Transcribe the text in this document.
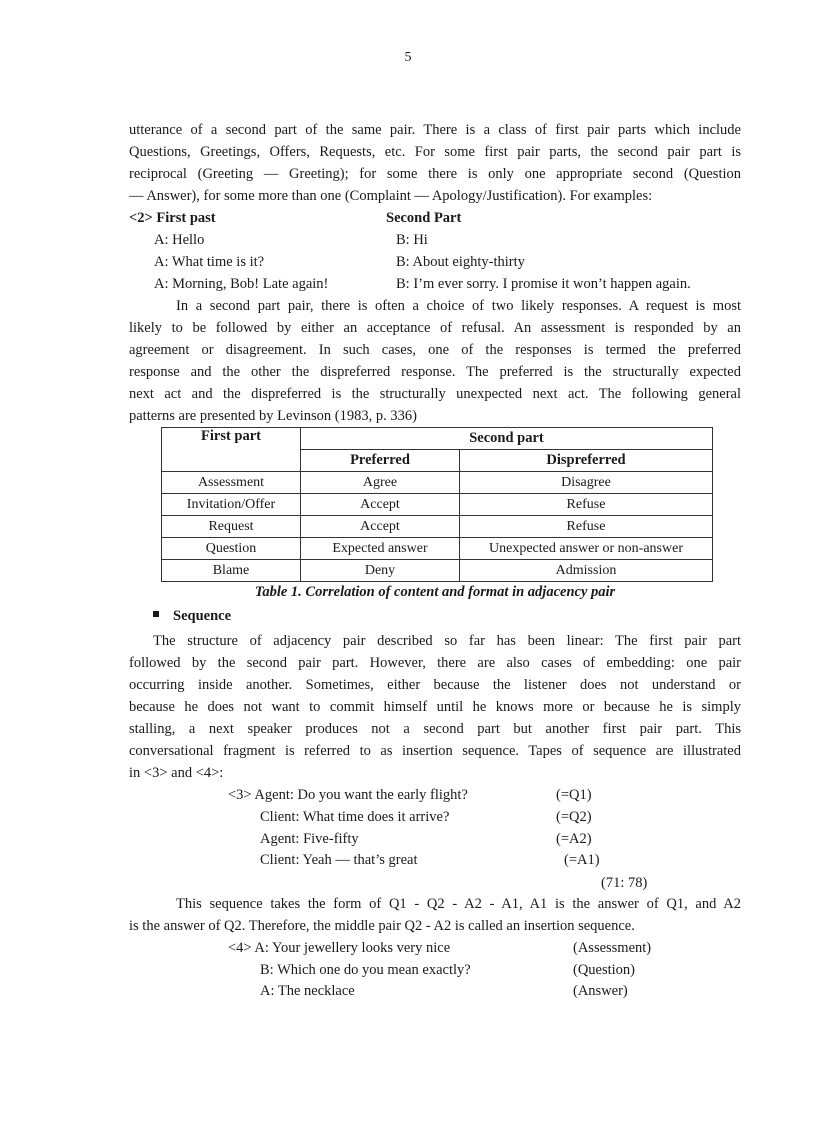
5
utterance of a second part of the same pair. There is a class of first pair parts which include
Questions, Greetings, Offers, Requests, etc. For some first pair parts, the second pair part is
reciprocal (Greeting — Greeting); for some there is only one appropriate second (Question
— Answer), for some more than one (Complaint — Apology/Justification). For examples:
<2> First past	Second Part
A: Hello	B: Hi
A: What time is it?	B: About eighty-thirty
A: Morning, Bob! Late again!	B: I’m ever sorry. I promise it won’t happen again.
In a second part pair, there is often a choice of two likely responses. A request is most
likely to be followed by either an acceptance of refusal. An assessment is responded by an
agreement or disagreement. In such cases, one of the responses is termed the preferred
response and the other the dispreferred response. The preferred is the structurally expected
next act and the dispreferred is the structurally unexpected next act. The following general
patterns are presented by Levinson (1983, p. 336)
First part	Second part	
	Preferred	Dispreferred
Assessment	Agree	Disagree
Invitation/Offer	Accept	Refuse
Request	Accept	Refuse
Question	Expected answer	Unexpected answer or non-answer
Blame	Deny	Admission
Table 1. Correlation of content and format in adjacency pair
Sequence
The structure of adjacency pair described so far has been linear: The first pair part
followed by the second pair part. However, there are also cases of embedding: one pair
occurring inside another. Sometimes, either because the listener does not understand or
because he does not want to commit himself until he knows more or because he is simply
stalling, a next speaker produces not a second part but another first pair part. This
conversational fragment is referred to as insertion sequence. Tapes of sequence are illustrated
in <3> and <4>:
<3> Agent: Do you want the early flight?	(=Q1)
Client: What time does it arrive?	(=Q2)
Agent: Five-fifty	(=A2)
Client: Yeah — that’s great	(=A1)
(71: 78)
This sequence takes the form of Q1 - Q2 - A2 - A1, A1 is the answer of Q1, and A2
is the answer of Q2. Therefore, the middle pair Q2 - A2 is called an insertion sequence.
<4> A: Your jewellery looks very nice	(Assessment)
B: Which one do you mean exactly?	(Question)
A: The necklace	(Answer)
